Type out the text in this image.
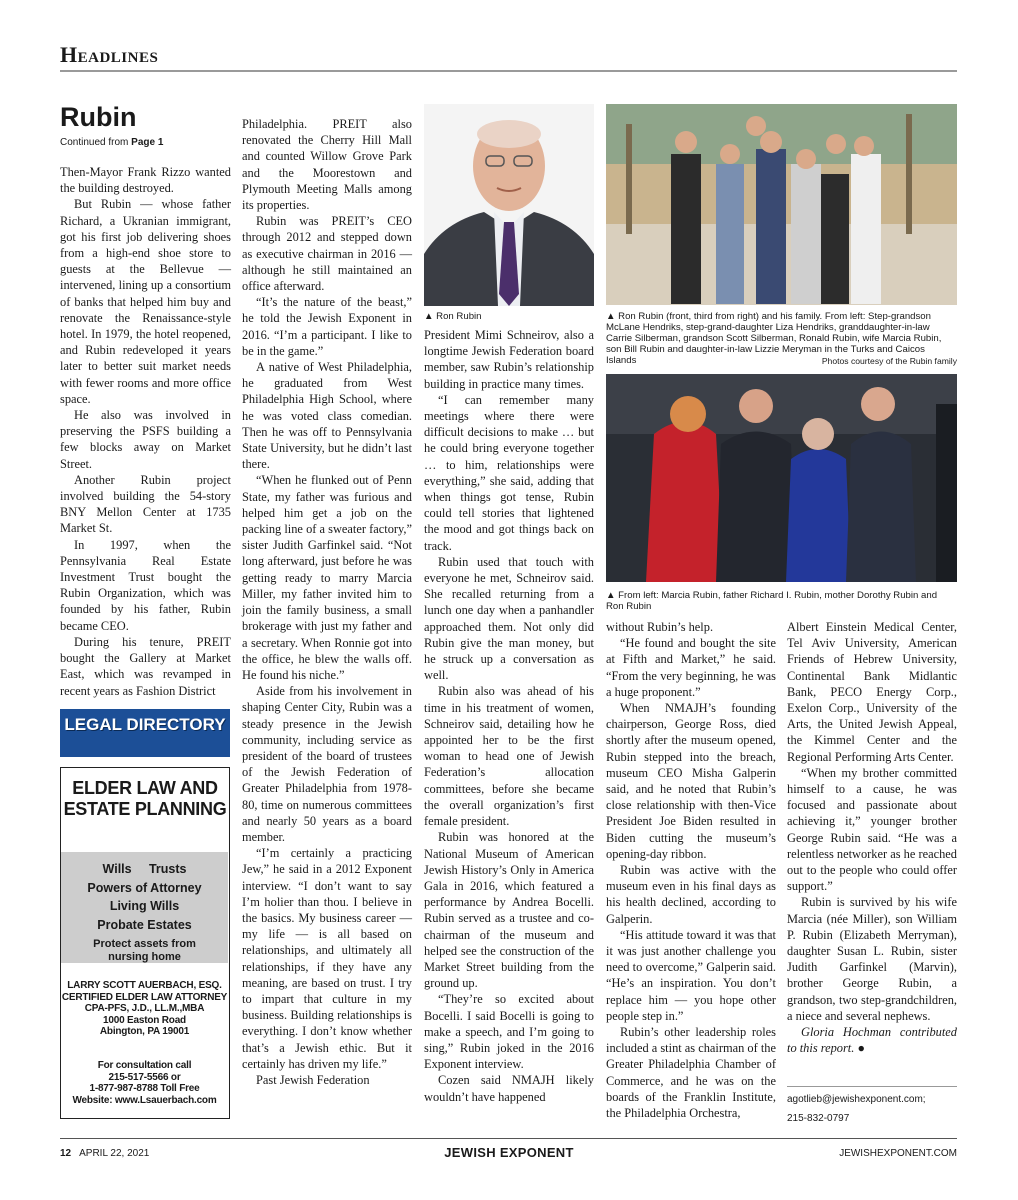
Headlines
Rubin
Continued from Page 1

Then-Mayor Frank Rizzo wanted the building destroyed.

But Rubin — whose father Richard, a Ukranian immigrant, got his first job delivering shoes from a high-end shoe store to guests at the Bellevue — intervened, lining up a consortium of banks that helped him buy and renovate the Renaissance-style hotel. In 1979, the hotel reopened, and Rubin redeveloped it years later to better suit market needs with fewer rooms and more office space.

He also was involved in preserving the PSFS building a few blocks away on Market Street.

Another Rubin project involved building the 54-story BNY Mellon Center at 1735 Market St.

In 1997, when the Pennsylvania Real Estate Investment Trust bought the Rubin Organization, which was founded by his father, Rubin became CEO.

During his tenure, PREIT bought the Gallery at Market East, which was revamped in recent years as Fashion District

LEGAL DIRECTORY
ELDER LAW AND ESTATE PLANNING
Wills     Trusts
Powers of Attorney
Living Wills
Probate Estates
Protect assets from nursing home
LARRY SCOTT AUERBACH, ESQ.
CERTIFIED ELDER LAW ATTORNEY
CPA-PFS, J.D., LL.M.,MBA
1000 Easton Road
Abington, PA 19001
For consultation call
215-517-5566 or
1-877-987-8788 Toll Free
Website: www.Lsauerbach.com

Philadelphia. PREIT also renovated the Cherry Hill Mall and counted Willow Grove Park and the Moorestown and Plymouth Meeting Malls among its properties.

Rubin was PREIT’s CEO through 2012 and stepped down as executive chairman in 2016 — although he still maintained an office afterward.

“It’s the nature of the beast,” he told the Jewish Exponent in 2016. “I’m a participant. I like to be in the game.”

A native of West Philadelphia, he graduated from West Philadelphia High School, where he was voted class comedian. Then he was off to Pennsylvania State University, but he didn’t last there.

“When he flunked out of Penn State, my father was furious and helped him get a job on the packing line of a sweater factory,” sister Judith Garfinkel said. “Not long afterward, just before he was getting ready to marry Marcia Miller, my father invited him to join the family business, a small brokerage with just my father and a secretary. When Ronnie got into the office, he blew the walls off. He found his niche.”

Aside from his involvement in shaping Center City, Rubin was a steady presence in the Jewish community, including service as president of the board of trustees of the Jewish Federation of Greater Philadelphia from 1978-80, time on numerous committees and nearly 50 years as a board member.

“I’m certainly a practicing Jew,” he said in a 2012 Exponent interview. “I don’t want to say I’m holier than thou. I believe in the basics. My business career — my life — is all based on relationships, and ultimately all relationships, if they have any meaning, are based on trust. I try to impart that culture in my business. Building relationships is everything. I don’t know whether that’s a Jewish ethic. But it certainly has driven my life.”

Past Jewish Federation

▲ Ron Rubin

President Mimi Schneirov, also a longtime Jewish Federation board member, saw Rubin’s relationship building in practice many times.

“I can remember many meetings where there were difficult decisions to make … but he could bring everyone together … to him, relationships were everything,” she said, adding that when things got tense, Rubin could tell stories that lightened the mood and got things back on track.

Rubin used that touch with everyone he met, Schneirov said. She recalled returning from a lunch one day when a panhandler approached them. Not only did Rubin give the man money, but he struck up a conversation as well.

Rubin also was ahead of his time in his treatment of women, Schneirov said, detailing how he appointed her to be the first woman to head one of Jewish Federation’s allocation committees, before she became the overall organization’s first female president.

Rubin was honored at the National Museum of American Jewish History’s Only in America Gala in 2016, which featured a performance by Andrea Bocelli. Rubin served as a trustee and co-chairman of the museum and helped see the construction of the Market Street building from the ground up.

“They’re so excited about Bocelli. I said Bocelli is going to make a speech, and I’m going to sing,” Rubin joked in the 2016 Exponent interview.

Cozen said NMAJH likely wouldn’t have happened

▲ Ron Rubin (front, third from right) and his family. From left: Step-grandson McLane Hendriks, step-grand-daughter Liza Hendriks, granddaughter-in-law Carrie Silberman, grandson Scott Silberman, Ronald Rubin, wife Marcia Rubin, son Bill Rubin and daughter-in-law Lizzie Meryman in the Turks and Caicos Islands	Photos courtesy of the Rubin family
▲ From left: Marcia Rubin, father Richard I. Rubin, mother Dorothy Rubin and Ron Rubin

without Rubin’s help.

“He found and bought the site at Fifth and Market,” he said. “From the very beginning, he was a huge proponent.”

When NMAJH’s founding chairperson, George Ross, died shortly after the museum opened, Rubin stepped into the breach, museum CEO Misha Galperin said, and he noted that Rubin’s close relationship with then-Vice President Joe Biden resulted in Biden cutting the museum’s opening-day ribbon.

Rubin was active with the museum even in his final days as his health declined, according to Galperin.

“His attitude toward it was that it was just another challenge you need to overcome,” Galperin said. “He’s an inspiration. You don’t replace him — you hope other people step in.”

Rubin’s other leadership roles included a stint as chairman of the Greater Philadelphia Chamber of Commerce, and he was on the boards of the Franklin Institute, the Philadelphia Orchestra,

Albert Einstein Medical Center, Tel Aviv University, American Friends of Hebrew University, Continental Bank Midlantic Bank, PECO Energy Corp., Exelon Corp., University of the Arts, the United Jewish Appeal, the Kimmel Center and the Regional Performing Arts Center.

“When my brother committed himself to a cause, he was focused and passionate about achieving it,” younger brother George Rubin said. “He was a relentless networker as he reached out to the people who could offer support.”

Rubin is survived by his wife Marcia (née Miller), son William P. Rubin (Elizabeth Merryman), daughter Susan L. Rubin, sister Judith Garfinkel (Marvin), brother George Rubin, a grandson, two step-grandchildren, a niece and several nephews.

Gloria Hochman contributed to this report. ●

agotlieb@jewishexponent.com;
215-832-0797
12 APRIL 22, 2021	JEWISH EXPONENT	JEWISHEXPONENT.COM
